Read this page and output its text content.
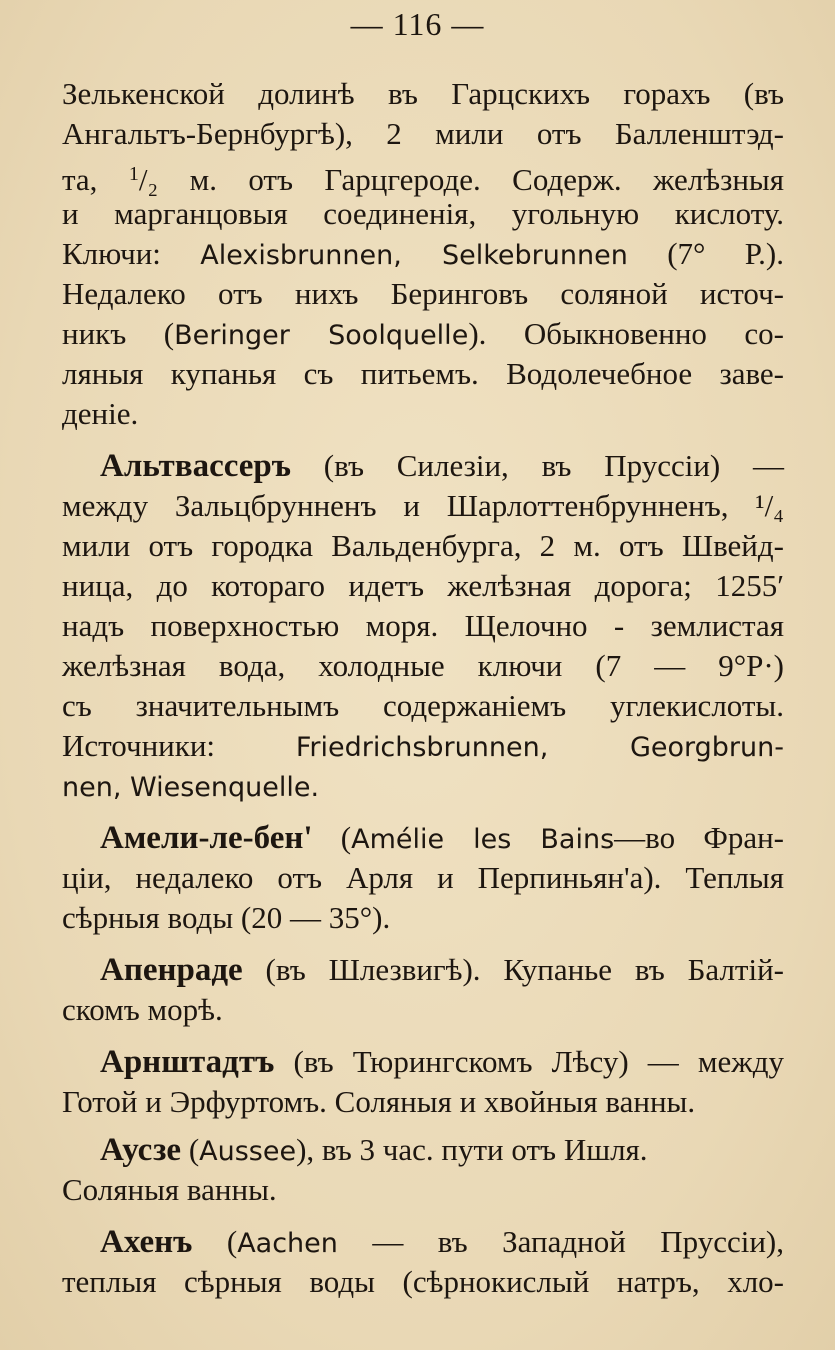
— 116 —
Зелькенской долинѣ въ Гарцскихъ горахъ (въ
Ангальтъ-Бернбургѣ), 2 мили отъ Балленштэд-
та, $^1$/₂ м. отъ Гарцгероде. Содерж. желѣзныя
и марганцовыя соединенія, угольную кислоту.
Ключи: Alexisbrunnen, Selkebrunnen (7° Р.).
Недалеко отъ нихъ Беринговъ соляной источ-
никъ (Beringer Soolquelle). Обыкновенно со-
ляныя купанья съ питьемъ. Водолечебное заве-
деніе.
Альтвассеръ (въ Силезіи, въ Пруссіи) —
между Зальцбрунненъ и Шарлоттенбрунненъ, ¹/₄
мили отъ городка Вальденбурга, 2 м. отъ Швейд-
ница, до котораго идетъ желѣзная дорога; 1255′
надъ поверхностью моря. Щелочно - землистая
желѣзная вода, холодные ключи (7 — 9°Р·)
съ значительнымъ содержаніемъ углекислоты.
Источники: Friedrichsbrunnen, Georgbrun-
nen, Wiesenquelle.
Амели-ле-бен' (Amélie les Bains—во Фран-
ціи, недалеко отъ Арля и Перпиньян'а). Теплыя
сѣрныя воды (20 — 35°).
Апенраде (въ Шлезвигѣ). Купанье въ Балтій-
скомъ морѣ.
Арнштадтъ (въ Тюрингскомъ Лѣсу) — между
Готой и Эрфуртомъ. Соляныя и хвойныя ванны.
Аусзе (Aussee), въ 3 час. пути отъ Ишля.
Соляныя ванны.
Ахенъ (Aachen — въ Западной Пруссіи),
теплыя сѣрныя воды (сѣрнокислый натръ, хло-
